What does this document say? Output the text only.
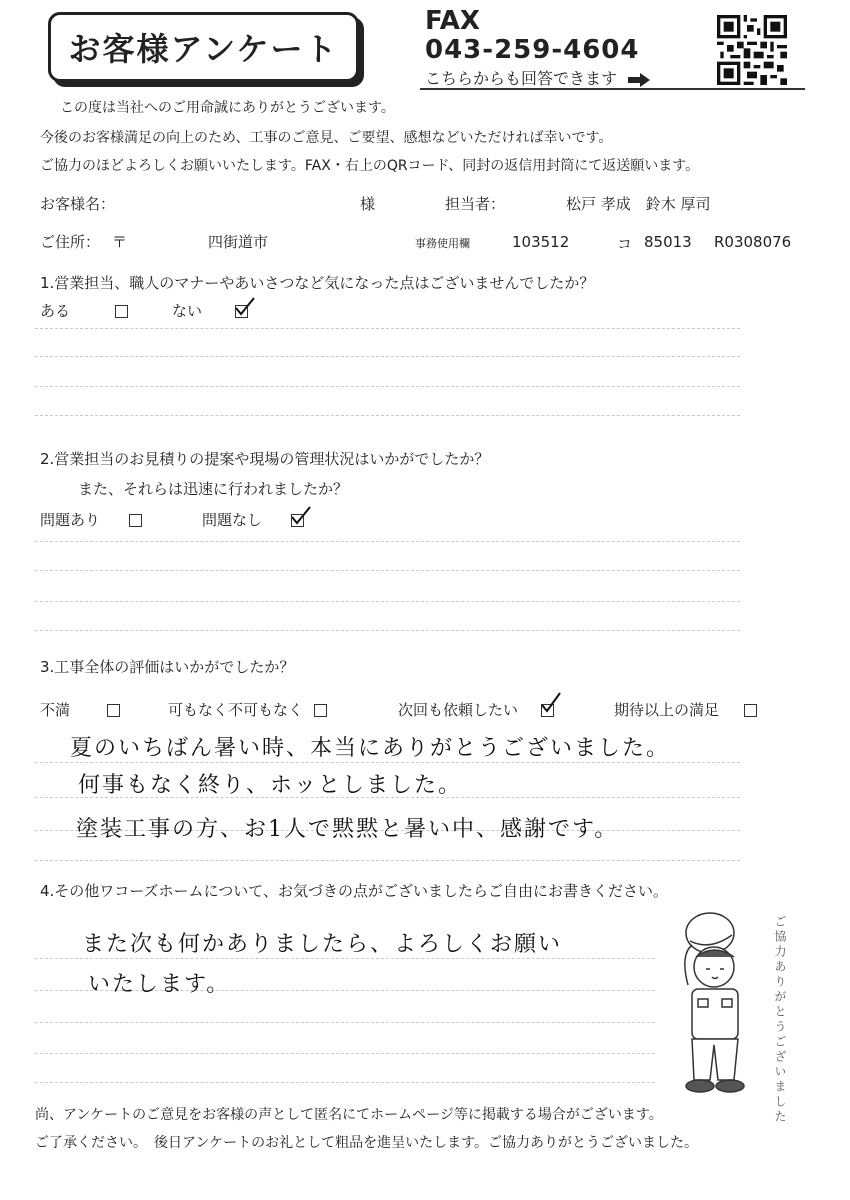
お客様アンケート
FAX
043-259-4604
こちらからも回答できます
この度は当社へのご用命誠にありがとうございます。
今後のお客様満足の向上のため、工事のご意見、ご要望、感想などいただければ幸いです。
ご協力のほどよろしくお願いいたします。FAX・右上のQRコード、同封の返信用封筒にて返送願います。
お客様名：	様	担当者：	松戸 孝成　鈴木 厚司
ご住所： 〒	四街道市	事務使用欄	103512	コ 85013 R0308076
1.営業担当、職人のマナーやあいさつなど気になった点はございませんでしたか？
ある	ない
2.営業担当のお見積りの提案や現場の管理状況はいかがでしたか？
また、それらは迅速に行われましたか？
問題あり	問題なし
3.工事全体の評価はいかがでしたか？
不満	可もなく不可もなく	次回も依頼したい	期待以上の満足
夏のいちばん暑い時、本当にありがとうございました。
何事もなく終り、ホッとしました。
塗装工事の方、お1人で黙黙と暑い中、感謝です。
4.その他ワコーズホームについて、お気づきの点がございましたらご自由にお書きください。
また次も何かありましたら、よろしくお願い
いたします。	ご協力ありがとうございました
尚、アンケートのご意見をお客様の声として匿名にてホームページ等に掲載する場合がございます。
ご了承ください。　後日アンケートのお礼として粗品を進呈いたします。ご協力ありがとうございました。
